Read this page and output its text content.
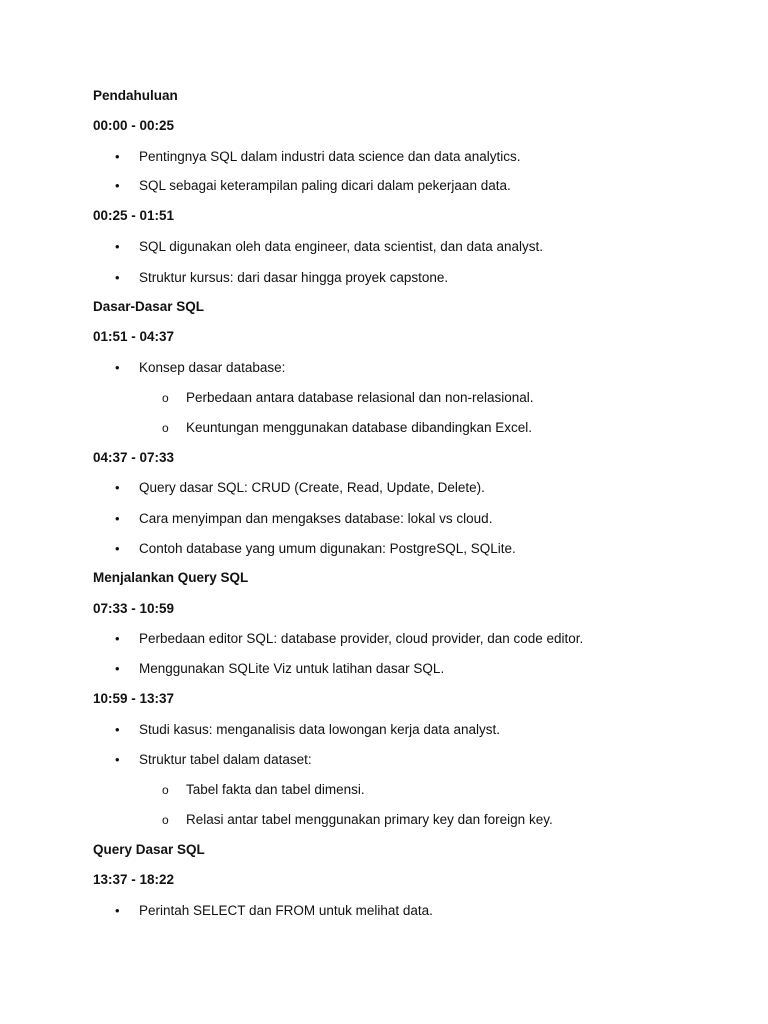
Pendahuluan
00:00 - 00:25
• Pentingnya SQL dalam industri data science dan data analytics.
• SQL sebagai keterampilan paling dicari dalam pekerjaan data.
00:25 - 01:51
• SQL digunakan oleh data engineer, data scientist, dan data analyst.
• Struktur kursus: dari dasar hingga proyek capstone.
Dasar-Dasar SQL
01:51 - 04:37
• Konsep dasar database:
o Perbedaan antara database relasional dan non-relasional.
o Keuntungan menggunakan database dibandingkan Excel.
04:37 - 07:33
• Query dasar SQL: CRUD (Create, Read, Update, Delete).
• Cara menyimpan dan mengakses database: lokal vs cloud.
• Contoh database yang umum digunakan: PostgreSQL, SQLite.
Menjalankan Query SQL
07:33 - 10:59
• Perbedaan editor SQL: database provider, cloud provider, dan code editor.
• Menggunakan SQLite Viz untuk latihan dasar SQL.
10:59 - 13:37
• Studi kasus: menganalisis data lowongan kerja data analyst.
• Struktur tabel dalam dataset:
o Tabel fakta dan tabel dimensi.
o Relasi antar tabel menggunakan primary key dan foreign key.
Query Dasar SQL
13:37 - 18:22
• Perintah SELECT dan FROM untuk melihat data.
